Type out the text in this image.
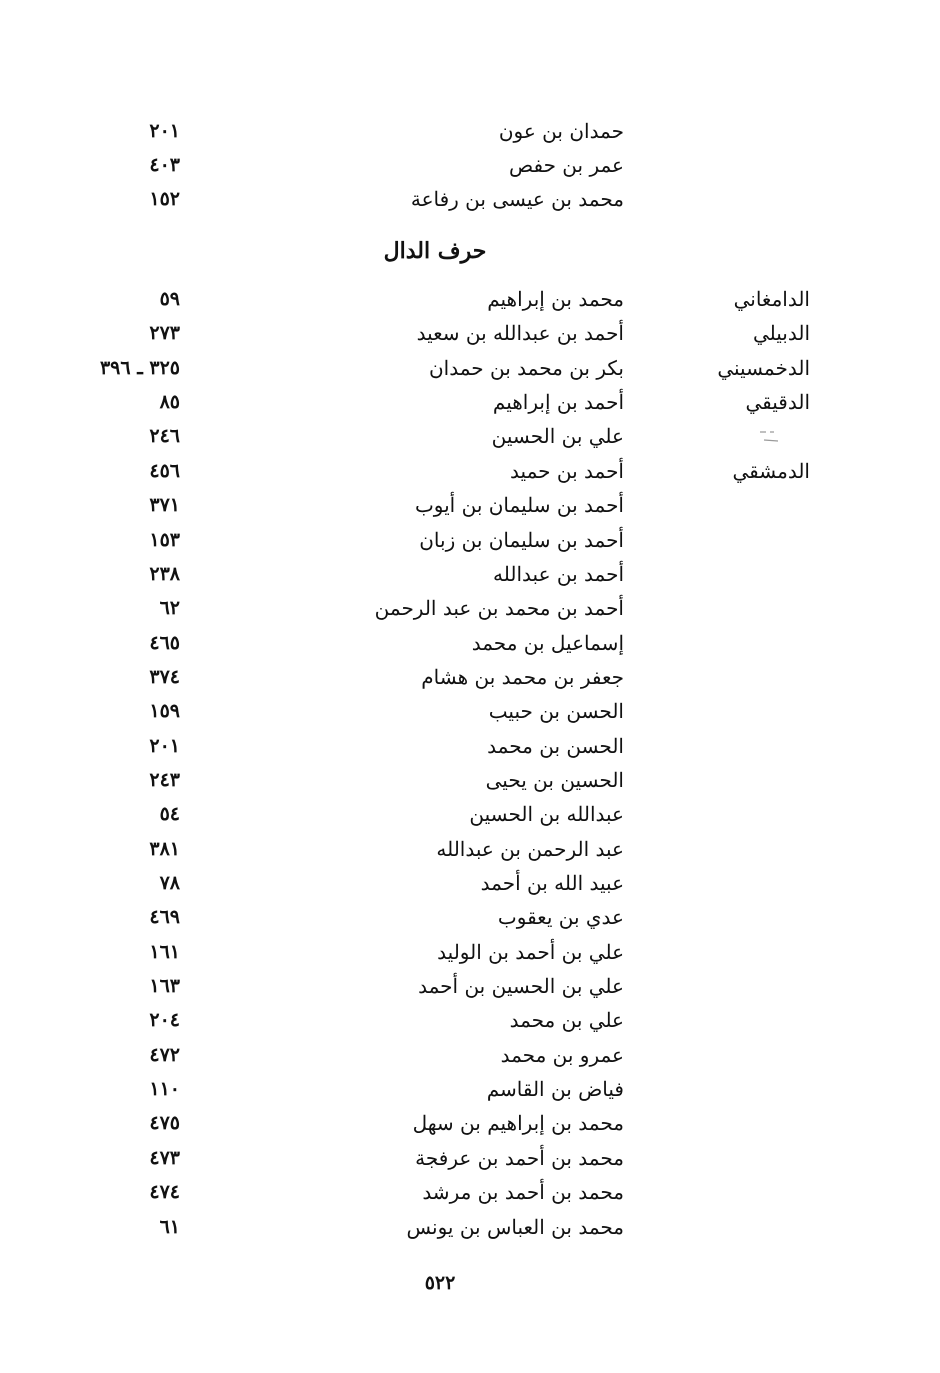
حمدان بن عون
٢٠١
عمر بن حفص
٤٠٣
محمد بن عيسى بن رفاعة
١٥٢
حرف الدال
الدامغاني
محمد بن إبراهيم
٥٩
الدبيلي
أحمد بن عبدالله بن سعيد
٢٧٣
الدخمسيني
بكر بن محمد بن حمدان
٣٢٥ ـ ٣٩٦
الدقيقي
أحمد بن إبراهيم
٨٥
علي بن الحسين
٢٤٦
الدمشقي
أحمد بن حميد
٤٥٦
أحمد بن سليمان بن أيوب
٣٧١
أحمد بن سليمان بن زبان
١٥٣
أحمد بن عبدالله
٢٣٨
أحمد بن محمد بن عبد الرحمن
٦٢
إسماعيل بن محمد
٤٦٥
جعفر بن محمد بن هشام
٣٧٤
الحسن بن حبيب
١٥٩
الحسن بن محمد
٢٠١
الحسين بن يحيى
٢٤٣
عبدالله بن الحسين
٥٤
عبد الرحمن بن عبدالله
٣٨١
عبيد الله بن أحمد
٧٨
عدي بن يعقوب
٤٦٩
علي بن أحمد بن الوليد
١٦١
علي بن الحسين بن أحمد
١٦٣
علي بن محمد
٢٠٤
عمرو بن محمد
٤٧٢
فياض بن القاسم
١١٠
محمد بن إبراهيم بن سهل
٤٧٥
محمد بن أحمد بن عرفجة
٤٧٣
محمد بن أحمد بن مرشد
٤٧٤
محمد بن العباس بن يونس
٦١
٥٢٢
